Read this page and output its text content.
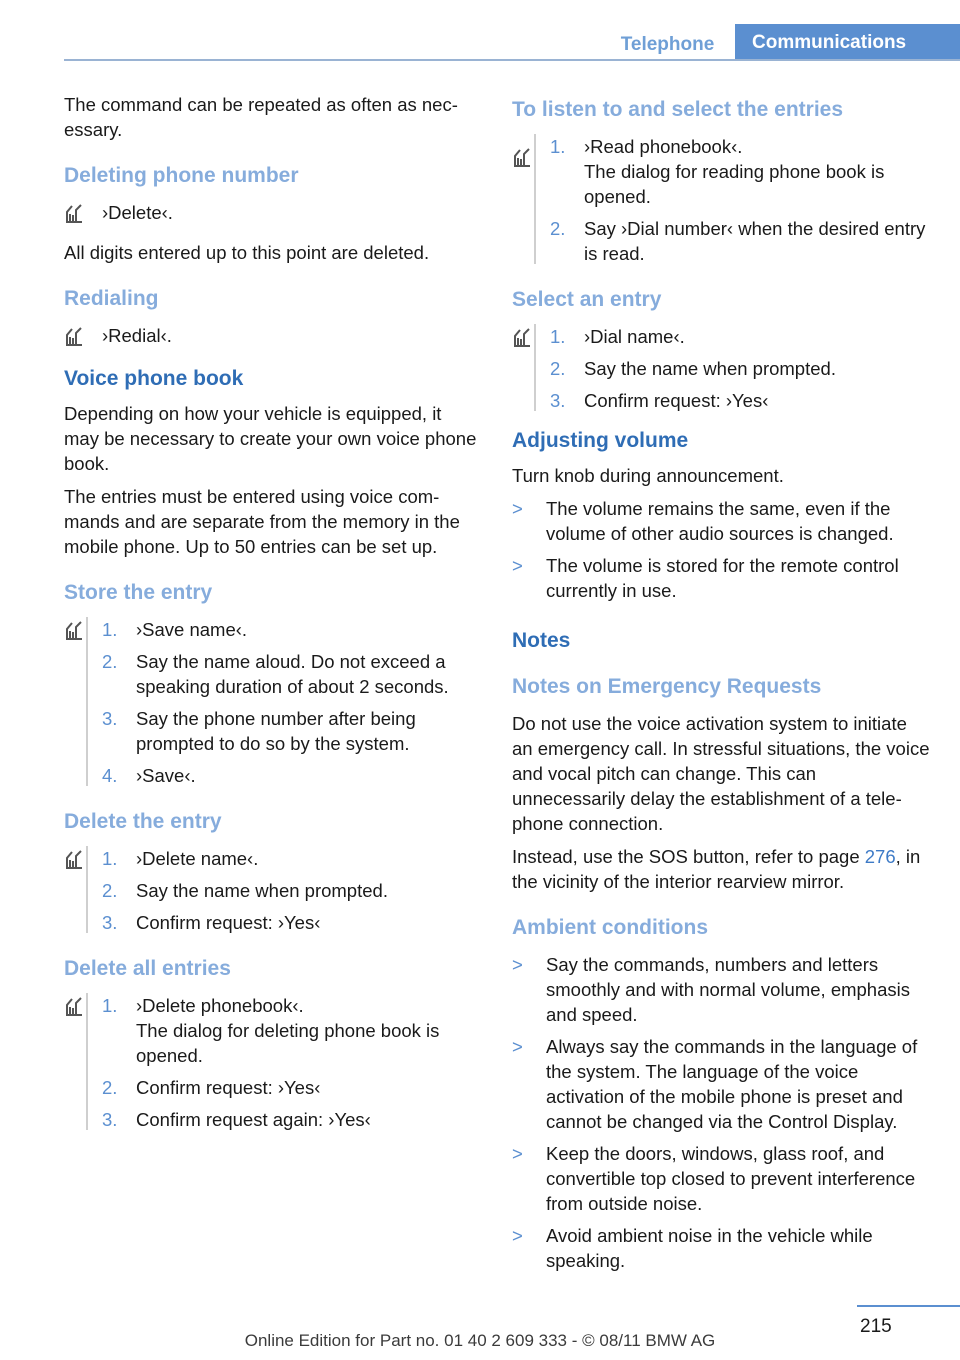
Telephone	Communications

The command can be repeated as often as necessary.

Deleting phone number

›Delete‹.

All digits entered up to this point are deleted.

Redialing

›Redial‹.

Voice phone book

Depending on how your vehicle is equipped, it may be necessary to create your own voice phone book.

The entries must be entered using voice commands and are separate from the memory in the mobile phone. Up to 50 entries can be set up.

Store the entry
1.	›Save name‹.
2.	Say the name aloud. Do not exceed a speaking duration of about 2 seconds.
3.	Say the phone number after being prompted to do so by the system.
4.	›Save‹.
Delete the entry
1.	›Delete name‹.
2.	Say the name when prompted.
3.	Confirm request: ›Yes‹
Delete all entries
1.	›Delete phonebook‹.
The dialog for deleting phone book is opened.
2.	Confirm request: ›Yes‹
3.	Confirm request again: ›Yes‹
To listen to and select the entries
1.	›Read phonebook‹.
The dialog for reading phone book is opened.
2.	Say ›Dial number‹ when the desired entry is read.
Select an entry
1.	›Dial name‹.
2.	Say the name when prompted.
3.	Confirm request: ›Yes‹
Adjusting volume

Turn knob during announcement.

>	The volume remains the same, even if the volume of other audio sources is changed.
>	The volume is stored for the remote control currently in use.
Notes
Notes on Emergency Requests

Do not use the voice activation system to initiate an emergency call. In stressful situations, the voice and vocal pitch can change. This can unnecessarily delay the establishment of a telephone connection.

Instead, use the SOS button, refer to page 276, in the vicinity of the interior rearview mirror.

Ambient conditions
>	Say the commands, numbers and letters smoothly and with normal volume, emphasis and speed.
>	Always say the commands in the language of the system. The language of the voice activation of the mobile phone is preset and cannot be changed via the Control Display.
>	Keep the doors, windows, glass roof, and convertible top closed to prevent interference from outside noise.
>	Avoid ambient noise in the vehicle while speaking.
215
Online Edition for Part no. 01 40 2 609 333 - © 08/11 BMW AG
